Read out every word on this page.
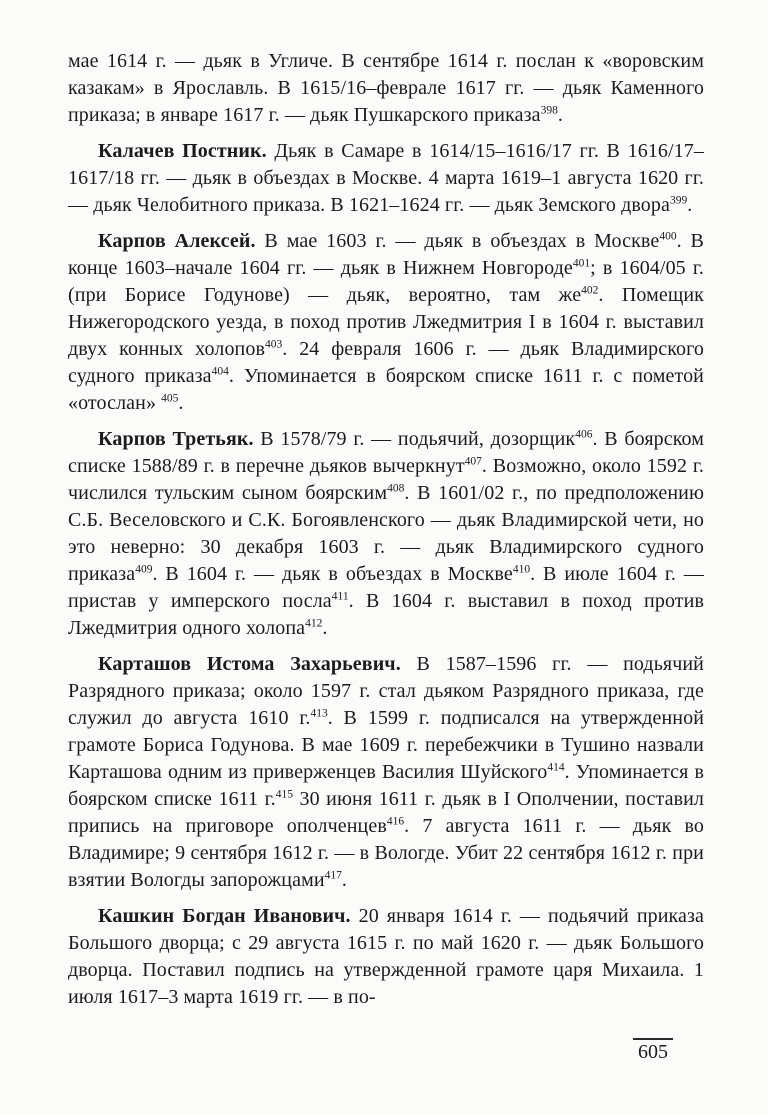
мае 1614 г. — дьяк в Угличе. В сентябре 1614 г. послан к «воровским казакам» в Ярославль. В 1615/16–феврале 1617 гг. — дьяк Каменного приказа; в январе 1617 г. — дьяк Пушкарского приказа$^{398}$.

Калачев Постник. Дьяк в Самаре в 1614/15–1616/17 гг. В 1616/17–1617/18 гг. — дьяк в объездах в Москве. 4 марта 1619–1 августа 1620 гг. — дьяк Челобитного приказа. В 1621–1624 гг. — дьяк Земского двора$^{399}$.

Карпов Алексей. В мае 1603 г. — дьяк в объездах в Москве$^{400}$. В конце 1603–начале 1604 гг. — дьяк в Нижнем Новгороде$^{401}$; в 1604/05 г. (при Борисе Годунове) — дьяк, вероятно, там $же^{402}$. Помещик Нижегородского уезда, в поход против Лжедмитрия I в 1604 г. выставил двух конных холопов$^{403}$. 24 февраля 1606 г. — дьяк Владимирского судного приказа$^{404}$. Упоминается в боярском списке 1611 г. с пометой «отослан» $^{405}$.

Карпов Третьяк. В 1578/79 г. — подьячий, дозорщик$^{406}$. В боярском списке 1588/89 г. в перечне дьяков вычеркнут$^{407}$. Возможно, около 1592 г. числился тульским сыном боярским$^{408}$. В 1601/02 г., по предположению С.Б. Веселовского и С.К. Богоявленского — дьяк Владимирской чети, но это неверно: 30 декабря 1603 г. — дьяк Владимирского судного приказа$^{409}$. В 1604 г. — дьяк в объездах в Москве$^{410}$. В июле 1604 г. — пристав у имперского посла$^{411}$. В 1604 г. выставил в поход против Лжедмитрия одного холопа$^{412}$.

Карташов Истома Захарьевич. В 1587–1596 гг. — подьячий Разрядного приказа; около 1597 г. стал дьяком Разрядного приказа, где служил до августа 1610 г.$^{413}$. В 1599 г. подписался на утвержденной грамоте Бориса Годунова. В мае 1609 г. перебежчики в Тушино назвали Карташова одним из приверженцев Василия Шуйского$^{414}$. Упоминается в боярском списке 1611 г.$^{415}$ 30 июня 1611 г. дьяк в I Ополчении, поставил припись на приговоре ополченцев$^{416}$. 7 августа 1611 г. — дьяк во Владимире; 9 сентября 1612 г. — в Вологде. Убит 22 сентября 1612 г. при взятии Вологды запорожцами$^{417}$.

Кашкин Богдан Иванович. 20 января 1614 г. — подьячий приказа Большого дворца; с 29 августа 1615 г. по май 1620 г. — дьяк Большого дворца. Поставил подпись на утвержденной грамоте царя Михаила. 1 июля 1617–3 марта 1619 гг. — в по-

605
